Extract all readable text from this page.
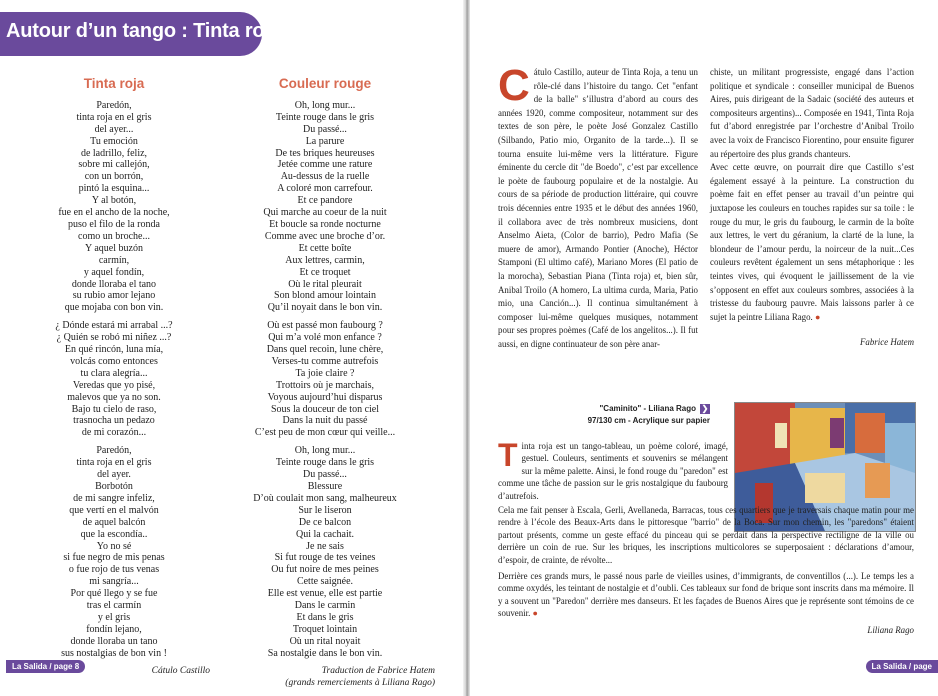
Autour d’un tango : Tinta roja
Tinta roja
Paredón,
tinta roja en el gris
del ayer...
Tu emoción
de ladrillo, feliz,
sobre mi callejón,
con un borrón,
pintó la esquina...
Y al botón,
fue en el ancho de la noche,
puso el filo de la ronda
como un broche...
Y aquel buzón
carmín,
y aquel fondín,
donde lloraba el tano
su rubio amor lejano
que mojaba con bon vin.
¿ Dónde estará mi arrabal ...?
¿ Quién se robó mi niñez ...?
En qué rincón, luna mía,
volcás como entonces
tu clara alegría...
Veredas que yo pisé,
malevos que ya no son.
Bajo tu cielo de raso,
trasnocha un pedazo
de mi corazón...
Paredón,
tinta roja en el gris
del ayer.
Borbotón
de mi sangre infeliz,
que vertí en el malvón
de aquel balcón
que la escondía..
Yo no sé
si fue negro de mis penas
o fue rojo de tus venas
mi sangría...
Por qué llego y se fue
tras el carmín
y el gris
fondín lejano,
donde lloraba un tano
sus nostalgias de bon vin !
Cátulo Castillo
Couleur rouge
Oh, long mur...
Teinte rouge dans le gris
Du passé...
La parure
De tes briques heureuses
Jetée comme une rature
Au-dessus de la ruelle
A coloré mon carrefour.
Et ce pandore
Qui marche au coeur de la nuit
Et boucle sa ronde nocturne
Comme avec une broche d’or.
Et cette boîte
Aux lettres, carmin,
Et ce troquet
Où le rital pleurait
Son blond amour lointain
Qu’il noyait dans le bon vin.
Où est passé mon faubourg ?
Qui m’a volé mon enfance ?
Dans quel recoin, lune chère,
Verses-tu comme autrefois
Ta joie claire ?
Trottoirs où je marchais,
Voyous aujourd’hui disparus
Sous la douceur de ton ciel
Dans la nuit du passé
C’est peu de mon cœur qui veille...
Oh, long mur...
Teinte rouge dans le gris
Du passé...
Blessure
D’où coulait mon sang, malheureux
Sur le liseron
De ce balcon
Qui la cachait.
Je ne sais
Si fut rouge de tes veines
Ou fut noire de mes peines
Cette saignée.
Elle est venue, elle est partie
Dans le carmin
Et dans le gris
Troquet lointain
Où un rital noyait
Sa nostalgie dans le bon vin.
Traduction de Fabrice Hatem
(grands remerciements à Liliana Rago)
La Salida / page 8
Cátulo Castillo, auteur de Tinta Roja, a tenu un rôle-clé dans l’histoire du tango. Cet "enfant de la balle" s’illustra d’abord au cours des années 1920, comme compositeur, notamment sur des textes de son père, le poète José Gonzalez Castillo (Silbando, Patio mio, Organito de la tarde...). Il se tourna ensuite lui-même vers la littérature. Figure éminente du cercle dit "de Boedo", c’est par excellence le poète de faubourg populaire et de la nostalgie. Au cours de sa période de production littéraire, qui couvre trois décennies entre 1935 et le début des années 1960, il collabora avec de très nombreux musiciens, dont Anselmo Aieta, (Color de barrio), Pedro Mafia (Se muere de amor), Armando Pontier (Anoche), Héctor Stamponi (El ultimo café), Mariano Mores (El patio de la morocha), Sebastian Piana (Tinta roja) et, bien sûr, Anibal Troilo (A homero, La ultima curda, Maria, Patio mio, una Canción...). Il continua simultanément à composer lui-même quelques musiques, notamment pour ses propres poèmes (Café de los angelitos...). Il fut aussi, en digne continuateur de son père anar-
chiste, un militant progressiste, engagé dans l’action politique et syndicale : conseiller municipal de Buenos Aires, puis dirigeant de la Sadaic (société des auteurs et compositeurs argentins)... Composée en 1941, Tinta Roja fut d’abord enregistrée par l’orchestre d’Anibal Troilo avec la voix de Francisco Fiorentino, pour ensuite figurer au répertoire des plus grands chanteurs.
Avec cette œuvre, on pourrait dire que Castillo s’est également essayé à la peinture. La construction du poème fait en effet penser au travail d’un peintre qui juxtapose les couleurs en touches rapides sur sa toile : le rouge du mur, le gris du faubourg, le carmin de la boîte aux lettres, le vert du géranium, la clarté de la lune, la blondeur de l’amour perdu, la noirceur de la nuit...Ces couleurs revêtent également un sens métaphorique : les teintes vives, qui évoquent le jaillissement de la vie s’opposent en effet aux couleurs sombres, associées à la tristesse du faubourg pauvre. Mais laissons parler à ce sujet la peintre Liliana Rago. ●
Fabrice Hatem
"Caminito" - Liliana Rago ❯
97/130 cm - Acrylique sur papier
Tinta roja est un tango-tableau, un poème coloré, imagé, gestuel. Couleurs, sentiments et souvenirs se mélangent sur la même palette. Ainsi, le fond rouge du "paredon" est comme une tâche de passion sur le gris nostalgique du faubourg d’autrefois.

Cela me fait penser à Escala, Gerli, Avellaneda, Barracas, tous ces quartiers que je traversais chaque matin pour me rendre à l’école des Beaux-Arts dans le pittoresque "barrio" de la Boca. Sur mon chemin, les "paredons" étaient partout présents, comme un geste effacé du pinceau qui se perdait dans la perspective rectiligne de la ville ou derrière un coin de rue. Sur les briques, les inscriptions multicolores se superposaient : déclarations d’amour, d’espoir, de crainte, de révolte...

Derrière ces grands murs, le passé nous parle de vieilles usines, d’immigrants, de conventillos (...). Le temps les a comme oxydés, les teintant de nostalgie et d’oubli. Ces tableaux sur fond de brique sont inscrits dans ma mémoire. Il y a souvent un "Paredon" derrière mes danseurs. Et les façades de Buenos Aires que je représente sont témoins de ce souvenir. ●

Liliana Rago
La Salida / page
